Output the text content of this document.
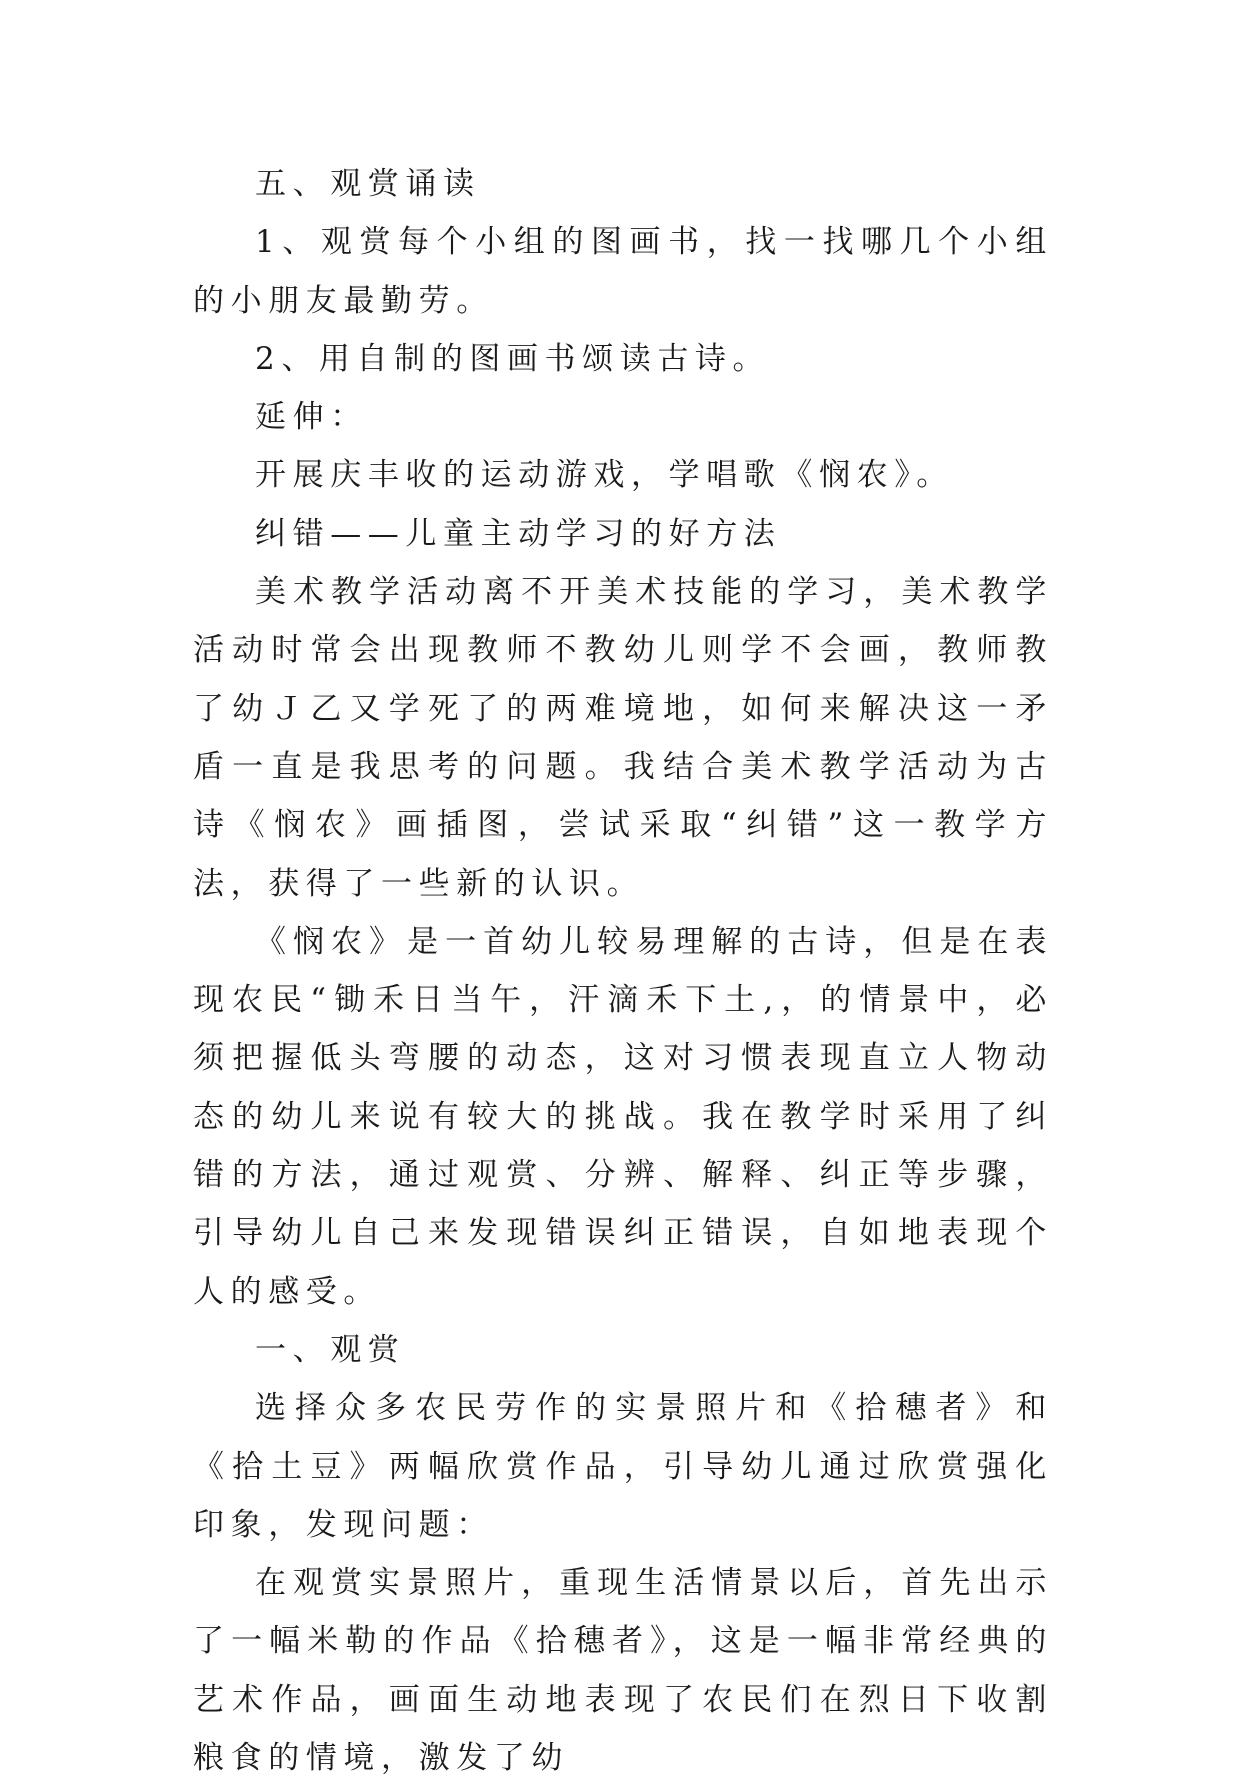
五、观赏诵读

1、观赏每个小组的图画书，找一找哪几个小组的小朋友最勤劳。

2、用自制的图画书颂读古诗。

延伸：

开展庆丰收的运动游戏，学唱歌《悯农》。

纠错——儿童主动学习的好方法

美术教学活动离不开美术技能的学习，美术教学活动时常会出现教师不教幼儿则学不会画，教师教了幼Ｊ乙又学死了的两难境地，如何来解决这一矛盾一直是我思考的问题。我结合美术教学活动为古诗《悯农》画插图，尝试采取“纠错”这一教学方法，获得了一些新的认识。

《悯农》是一首幼儿较易理解的古诗，但是在表现农民“锄禾日当午，汗滴禾下土,，的情景中，必须把握低头弯腰的动态，这对习惯表现直立人物动态的幼儿来说有较大的挑战。我在教学时采用了纠错的方法，通过观赏、分辨、解释、纠正等步骤，引导幼儿自己来发现错误纠正错误，自如地表现个人的感受。

一、观赏

选择众多农民劳作的实景照片和《拾穗者》和《拾土豆》两幅欣赏作品，引导幼儿通过欣赏强化印象，发现问题：

在观赏实景照片，重现生活情景以后，首先出示了一幅米勒的作品《拾穗者》，这是一幅非常经典的艺术作品，画面生动地表现了农民们在烈日下收割粮食的情境，激发了幼
